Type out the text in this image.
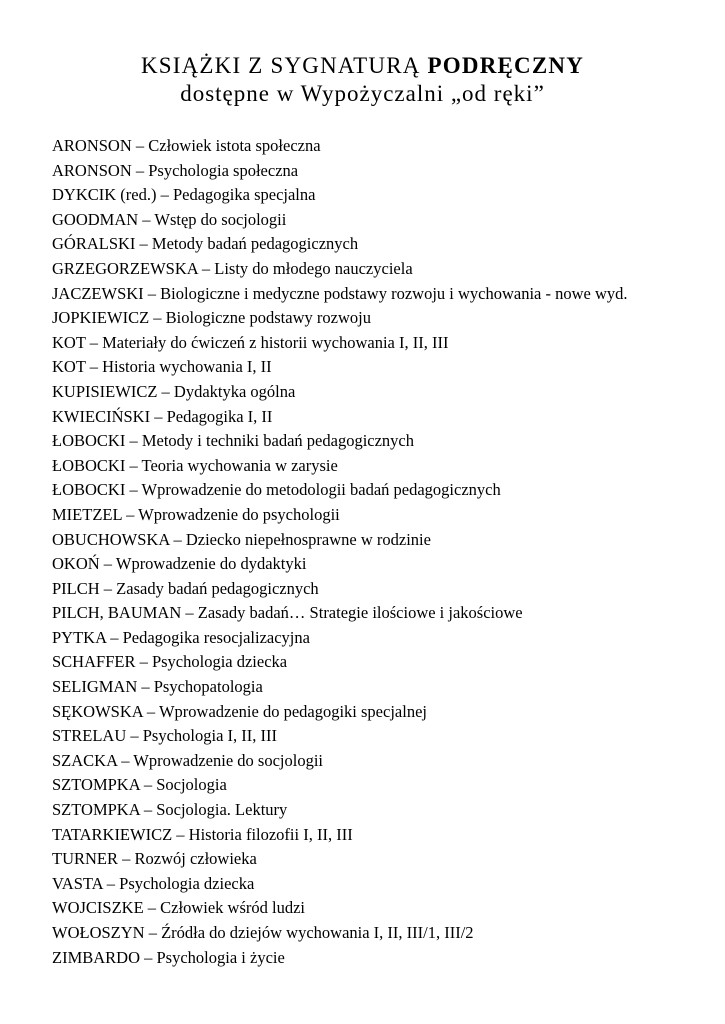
KSIĄŻKI Z SYGNATURĄ PODRĘCZNY
dostępne w Wypożyczalni „od ręki”
ARONSON – Człowiek istota społeczna
ARONSON – Psychologia społeczna
DYKCIK (red.) – Pedagogika specjalna
GOODMAN – Wstęp do socjologii
GÓRALSKI – Metody badań pedagogicznych
GRZEGORZEWSKA – Listy do młodego nauczyciela
JACZEWSKI – Biologiczne i medyczne podstawy rozwoju i wychowania - nowe wyd.
JOPKIEWICZ – Biologiczne podstawy rozwoju
KOT – Materiały do ćwiczeń z historii wychowania I, II, III
KOT – Historia wychowania I, II
KUPISIEWICZ – Dydaktyka ogólna
KWIECIŃSKI – Pedagogika I, II
ŁOBOCKI – Metody i techniki badań pedagogicznych
ŁOBOCKI – Teoria wychowania w zarysie
ŁOBOCKI – Wprowadzenie do metodologii badań pedagogicznych
MIETZEL – Wprowadzenie do psychologii
OBUCHOWSKA – Dziecko niepełnosprawne w rodzinie
OKOŃ – Wprowadzenie do dydaktyki
PILCH – Zasady badań pedagogicznych
PILCH, BAUMAN – Zasady badań… Strategie ilościowe i jakościowe
PYTKA – Pedagogika resocjalizacyjna
SCHAFFER – Psychologia dziecka
SELIGMAN – Psychopatologia
SĘKOWSKA – Wprowadzenie do pedagogiki specjalnej
STRELAU – Psychologia I, II, III
SZACKA – Wprowadzenie do socjologii
SZTOMPKA – Socjologia
SZTOMPKA – Socjologia. Lektury
TATARKIEWICZ – Historia filozofii I, II, III
TURNER – Rozwój człowieka
VASTA – Psychologia dziecka
WOJCISZKE – Człowiek wśród ludzi
WOŁOSZYN – Źródła do dziejów wychowania I, II, III/1, III/2
ZIMBARDO – Psychologia i życie
